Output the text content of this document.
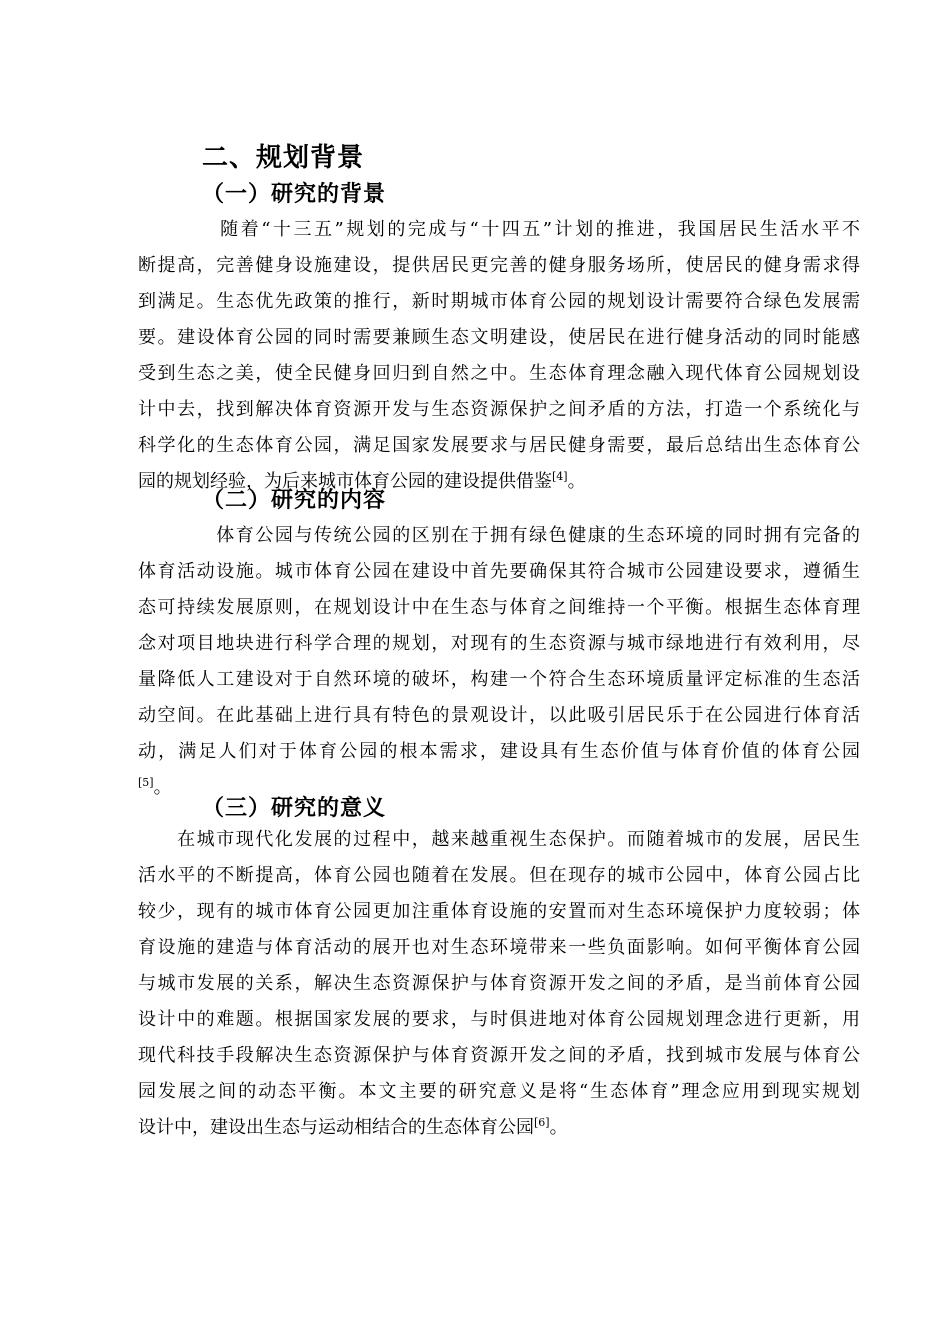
二、规划背景
（一）研究的背景
　　　　随着“十三五”规划的完成与“十四五”计划的推进，我国居民生活水平不
断提高，完善健身设施建设，提供居民更完善的健身服务场所，使居民的健身需求得
到满足。生态优先政策的推行，新时期城市体育公园的规划设计需要符合绿色发展需
要。建设体育公园的同时需要兼顾生态文明建设，使居民在进行健身活动的同时能感
受到生态之美，使全民健身回归到自然之中。生态体育理念融入现代体育公园规划设
计中去，找到解决体育资源开发与生态资源保护之间矛盾的方法，打造一个系统化与
科学化的生态体育公园，满足国家发展要求与居民健身需要，最后总结出生态体育公
园的规划经验，为后来城市体育公园的建设提供借鉴[4]。
（二）研究的内容
　　　　体育公园与传统公园的区别在于拥有绿色健康的生态环境的同时拥有完备的
体育活动设施。城市体育公园在建设中首先要确保其符合城市公园建设要求，遵循生
态可持续发展原则，在规划设计中在生态与体育之间维持一个平衡。根据生态体育理
念对项目地块进行科学合理的规划，对现有的生态资源与城市绿地进行有效利用，尽
量降低人工建设对于自然环境的破坏，构建一个符合生态环境质量评定标准的生态活
动空间。在此基础上进行具有特色的景观设计，以此吸引居民乐于在公园进行体育活
动，满足人们对于体育公园的根本需求，建设具有生态价值与体育价值的体育公园
[5]。
（三）研究的意义
　　在城市现代化发展的过程中，越来越重视生态保护。而随着城市的发展，居民生
活水平的不断提高，体育公园也随着在发展。但在现存的城市公园中，体育公园占比
较少，现有的城市体育公园更加注重体育设施的安置而对生态环境保护力度较弱；体
育设施的建造与体育活动的展开也对生态环境带来一些负面影响。如何平衡体育公园
与城市发展的关系，解决生态资源保护与体育资源开发之间的矛盾，是当前体育公园
设计中的难题。根据国家发展的要求，与时俱进地对体育公园规划理念进行更新，用
现代科技手段解决生态资源保护与体育资源开发之间的矛盾，找到城市发展与体育公
园发展之间的动态平衡。本文主要的研究意义是将“生态体育”理念应用到现实规划
设计中，建设出生态与运动相结合的生态体育公园[6]。
